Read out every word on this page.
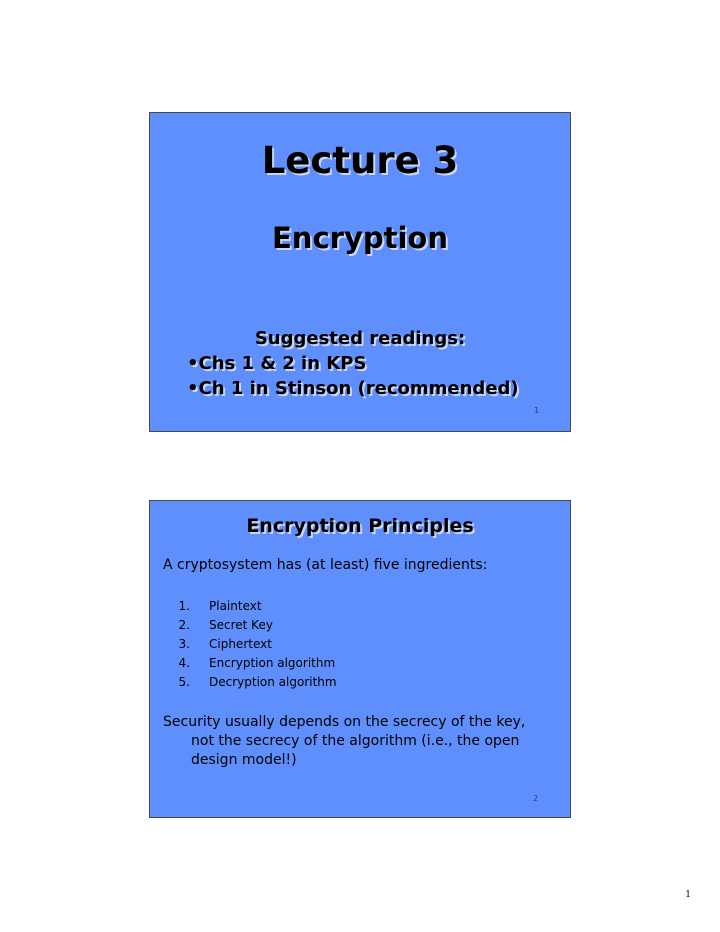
Lecture 3
Encryption
Suggested readings:
•Chs 1 & 2 in KPS
•Ch 1 in Stinson (recommended)
1
Encryption Principles
A cryptosystem has (at least) five ingredients:
1. Plaintext
2. Secret Key
3. Ciphertext
4. Encryption algorithm
5. Decryption algorithm
Security usually depends on the secrecy of the key,
not the secrecy of the algorithm (i.e., the open
design model!)
2
1
